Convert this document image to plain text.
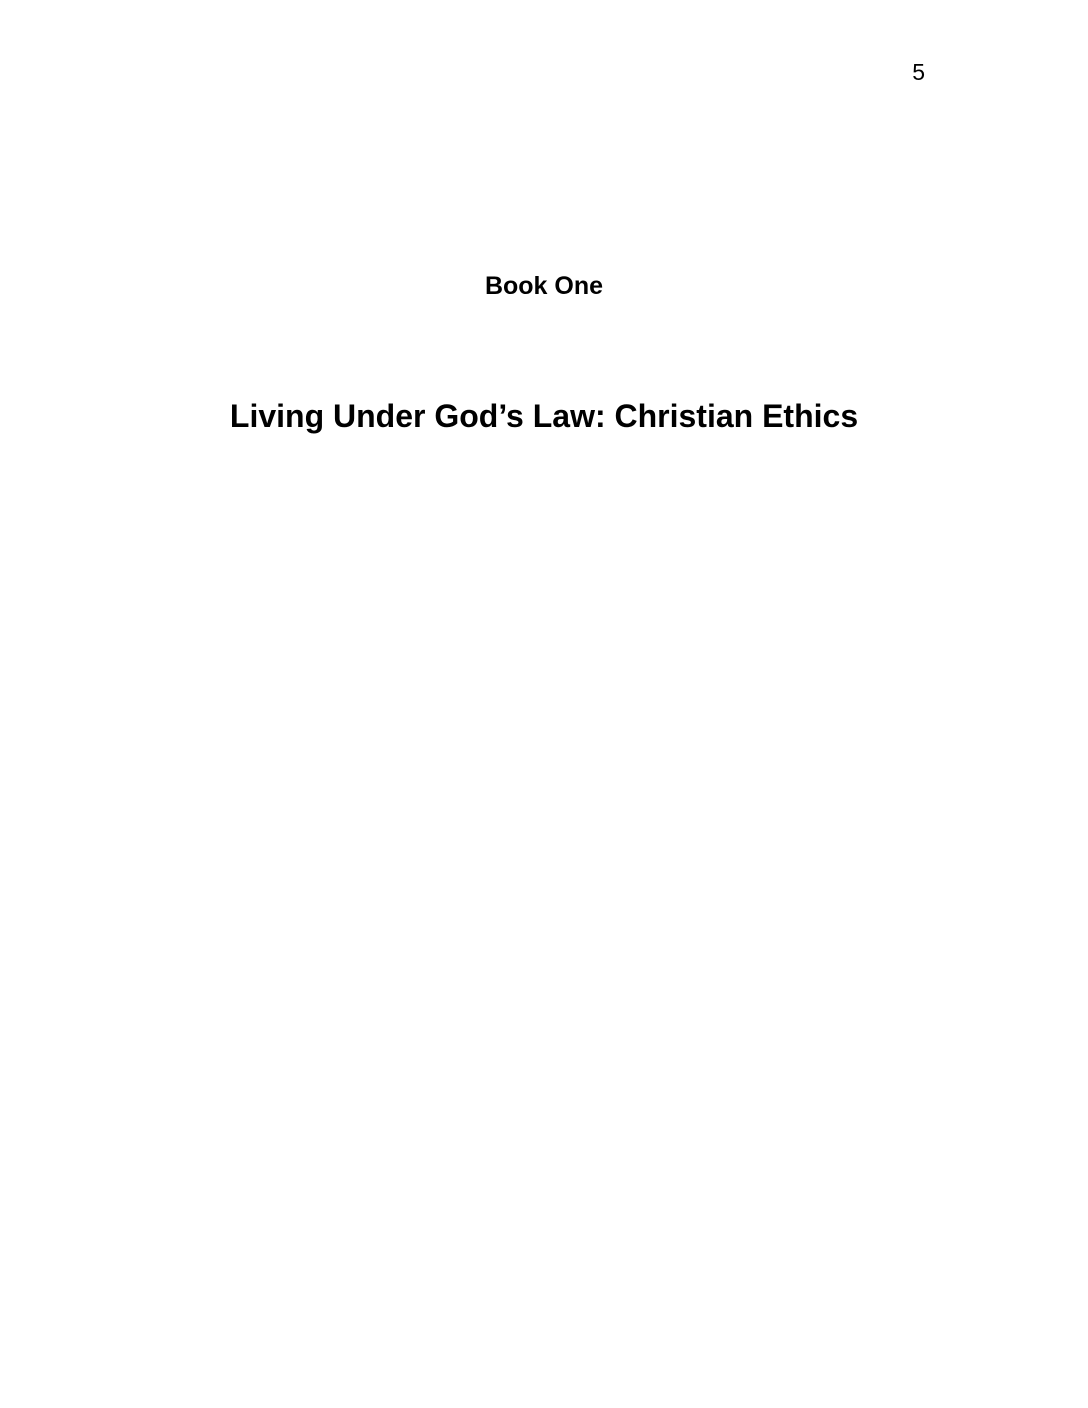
5
Book One
Living Under God’s Law: Christian Ethics
